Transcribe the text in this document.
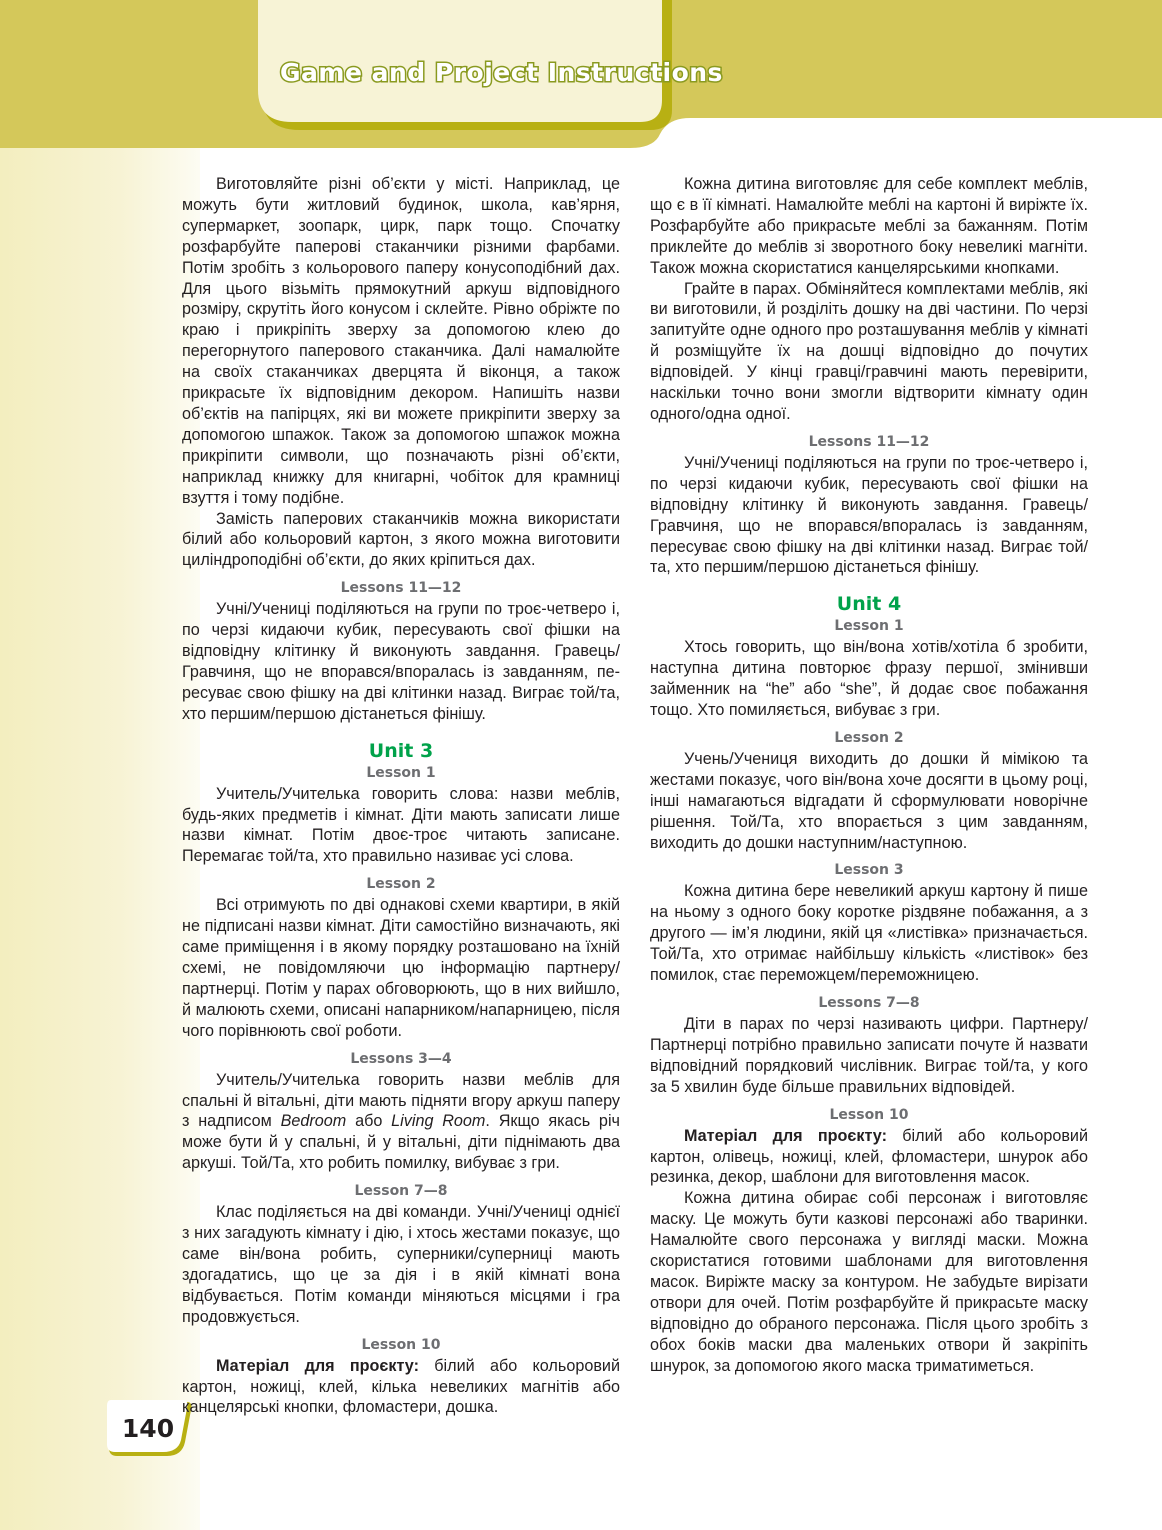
Game and Project Instructions
140

Виготовляйте різні об’єкти у місті. Наприклад, це можуть бути житловий будинок, школа, кав’ярня, супермаркет, зоопарк, цирк, парк тощо. Спочатку розфарбуйте паперові стаканчики різними фарбами. Потім зробіть з кольорового паперу конусоподібний дах. Для цього візьміть прямокутний аркуш відповідного розміру, скрутіть його конусом і склейте. Рівно обріжте по краю і прикріпіть зверху за допомогою клею до перегорнутого паперового стаканчика. Далі намалюйте на своїх стаканчиках дверцята й віконця, а також прикрасьте їх відповідним декором. Напишіть назви об’єктів на папірцях, які ви можете прикріпити зверху за допомогою шпажок. Також за допомогою шпажок можна прикріпити символи, що позначають різні об’єкти, наприклад книжку для книгарні, чобіток для крамниці взуття і тому подібне.

Замість паперових стаканчиків можна використати білий або кольоровий картон, з якого можна виготовити циліндроподібні об’єкти, до яких кріпиться дах.

Lessons 11—12

Учні/Учениці поділяються на групи по троє-четверо і, по черзі кидаючи кубик, пересувають свої фішки на відповідну клітинку й виконують завдання. Гравець/Гравчиня, що не впорався/впоралась із завданням, пересуває свою фішку на дві клітинки назад. Виграє той/та, хто першим/першою дістанеться фінішу.

Unit 3
Lesson 1

Учитель/Учителька говорить слова: назви меблів, будь-яких предметів і кімнат. Діти мають записати лише назви кімнат. Потім двоє-троє читають записане. Перемагає той/та, хто правильно називає усі слова.

Lesson 2

Всі отримують по дві однакові схеми квартири, в якій не підписані назви кімнат. Діти самостійно визначають, які саме приміщення і в якому порядку розташовано на їхній схемі, не повідомляючи цю інформацію партнеру/партнерці. Потім у парах обговорюють, що в них вийшло, й малюють схеми, описані напарником/напарницею, після чого порівнюють свої роботи.

Lessons 3—4

Учитель/Учителька говорить назви меблів для спальні й вітальні, діти мають підняти вгору аркуш паперу з надписом Bedroom або Living Room. Якщо якась річ може бути й у спальні, й у вітальні, діти піднімають два аркуші. Той/Та, хто робить помилку, вибуває з гри.

Lesson 7—8

Клас поділяється на дві команди. Учні/Учениці однієї з них загадують кімнату і дію, і хтось жестами показує, що саме він/вона робить, суперники/суперниці мають здогадатись, що це за дія і в якій кімнаті вона відбувається. Потім команди міняються місцями і гра продовжується.

Lesson 10

Матеріал для проєкту: білий або кольоровий картон, ножиці, клей, кілька невеликих магнітів або канцелярські кнопки, фломастери, дошка.

Кожна дитина виготовляє для себе комплект меблів, що є в її кімнаті. Намалюйте меблі на картоні й виріжте їх. Розфарбуйте або прикрасьте меблі за бажанням. Потім приклейте до меблів зі зворотного боку невеликі магніти. Також можна скористатися канцелярськими кнопками.

Грайте в парах. Обміняйтеся комплектами меблів, які ви виготовили, й розділіть дошку на дві частини. По черзі запитуйте одне одного про розташування меблів у кімнаті й розміщуйте їх на дошці відповідно до почутих відповідей. У кінці гравці/гравчині мають перевірити, наскільки точно вони змогли відтворити кімнату один одного/одна одної.

Lessons 11—12

Учні/Учениці поділяються на групи по троє-четверо і, по черзі кидаючи кубик, пересувають свої фішки на відповідну клітинку й виконують завдання. Гравець/Гравчиня, що не впорався/впоралась із завданням, пересуває свою фішку на дві клітинки назад. Виграє той/та, хто першим/першою дістанеться фінішу.

Unit 4
Lesson 1

Хтось говорить, що він/вона хотів/хотіла б зробити, наступна дитина повторює фразу першої, змінивши займенник на “he” або “she”, й додає своє побажання тощо. Хто помиляється, вибуває з гри.

Lesson 2

Учень/Учениця виходить до дошки й мімікою та жестами показує, чого він/вона хоче досягти в цьому році, інші намагаються відгадати й сформулювати новорічне рішення. Той/Та, хто впорається з цим завданням, виходить до дошки наступним/наступною.

Lesson 3

Кожна дитина бере невеликий аркуш картону й пише на ньому з одного боку коротке різдвяне побажання, а з другого — ім’я людини, якій ця «листівка» призначається. Той/Та, хто отримає найбільшу кількість «листівок» без помилок, стає переможцем/переможницею.

Lessons 7—8

Діти в парах по черзі називають цифри. Партнеру/Партнерці потрібно правильно записати почуте й назвати відповідний порядковий числівник. Виграє той/та, у кого за 5 хвилин буде більше правильних відповідей.

Lesson 10

Матеріал для проєкту: білий або кольоровий картон, олівець, ножиці, клей, фломастери, шнурок або резинка, декор, шаблони для виготовлення масок.

Кожна дитина обирає собі персонаж і виготовляє маску. Це можуть бути казкові персонажі або тваринки. Намалюйте свого персонажа у вигляді маски. Можна скористатися готовими шаблонами для виготовлення масок. Виріжте маску за контуром. Не забудьте вирізати отвори для очей. Потім розфарбуйте й прикрасьте маску відповідно до обраного персонажа. Після цього зробіть з обох боків маски два маленьких отвори й закріпіть шнурок, за допомогою якого маска триматиметься.
